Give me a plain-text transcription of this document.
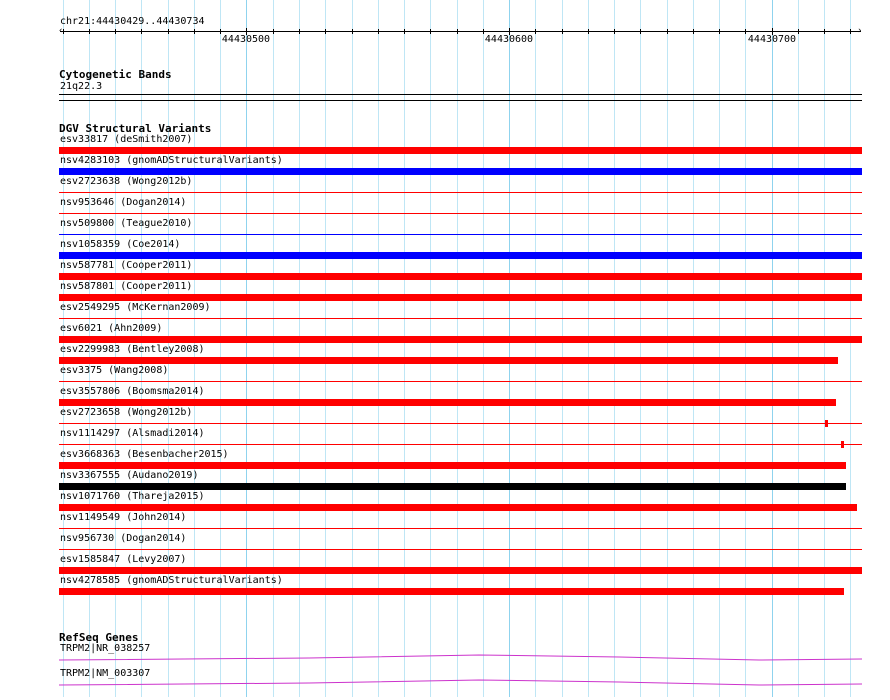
chr21:44430429..44430734
‹	›
44430500	44430600	44430700
Cytogenetic Bands
21q22.3
DGV Structural Variants
esv33817 (deSmith2007)
nsv4283103 (gnomADStructuralVariants)
esv2723638 (Wong2012b)
nsv953646 (Dogan2014)
nsv509800 (Teague2010)
nsv1058359 (Coe2014)
nsv587781 (Cooper2011)
nsv587801 (Cooper2011)
esv2549295 (McKernan2009)
esv6021 (Ahn2009)
esv2299983 (Bentley2008)
esv3375 (Wang2008)
esv3557806 (Boomsma2014)
esv2723658 (Wong2012b)
nsv1114297 (Alsmadi2014)
esv3668363 (Besenbacher2015)
nsv3367555 (Audano2019)
nsv1071760 (Thareja2015)
nsv1149549 (John2014)
nsv956730 (Dogan2014)
esv1585847 (Levy2007)
nsv4278585 (gnomADStructuralVariants)
RefSeq Genes
TRPM2|NR_038257
TRPM2|NM_003307
